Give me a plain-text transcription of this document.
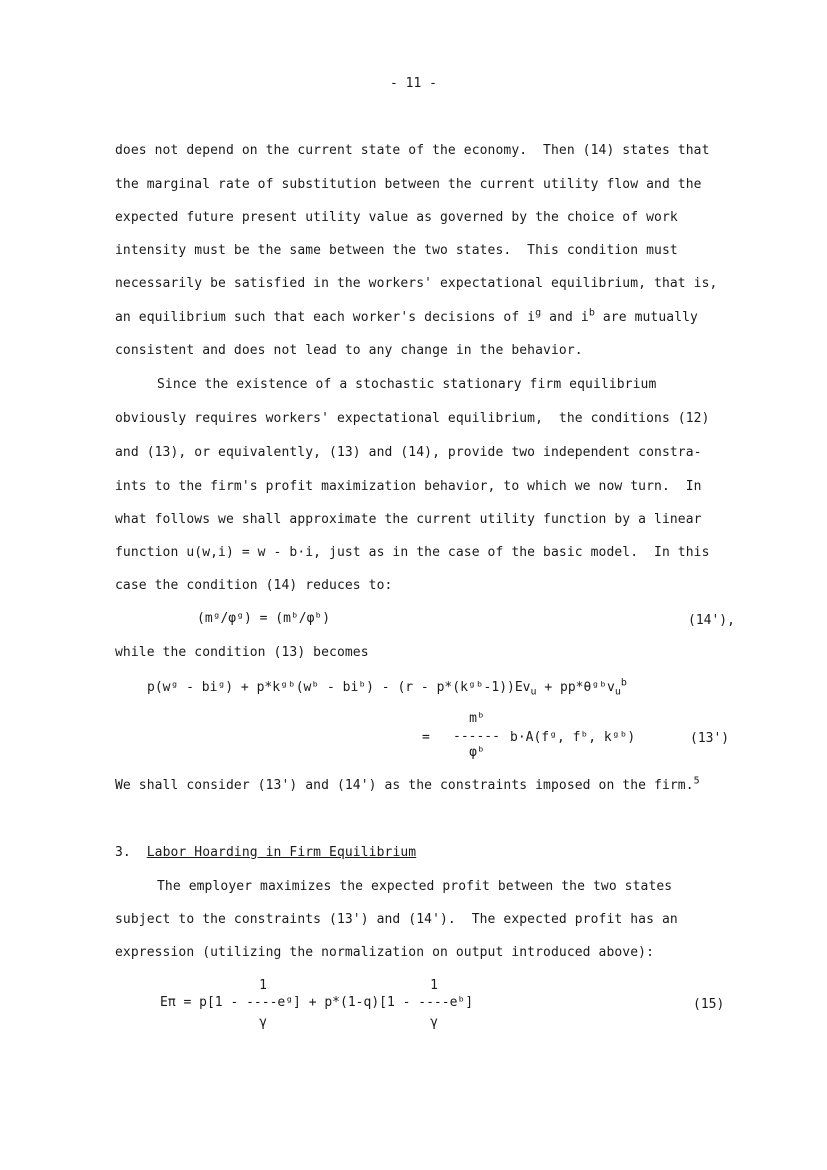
- 11 -
does not depend on the current state of the economy.  Then (14) states that
the marginal rate of substitution between the current utility flow and the
expected future present utility value as governed by the choice of work
intensity must be the same between the two states.  This condition must
necessarily be satisfied in the workers' expectational equilibrium, that is,
an equilibrium such that each worker's decisions of $i^g$ and $i^b$ are mutually
consistent and does not lead to any change in the behavior.
Since the existence of a stochastic stationary firm equilibrium
obviously requires workers' expectational equilibrium,  the conditions (12)
and (13), or equivalently, (13) and (14), provide two independent constra-
ints to the firm's profit maximization behavior, to which we now turn.  In
what follows we shall approximate the current utility function by a linear
function u(w,i) = w - b·i, just as in the case of the basic model.  In this
case the condition (14) reduces to:
(mᵍ/φᵍ) = (mᵇ/φᵇ)	(14'),
while the condition (13) becomes
p(wᵍ - biᵍ) + p*kᵍᵇ(wᵇ - biᵇ) - $(r - p*(kᵍᵇ-1))Ev_u$ + pp*θᵍᵇv$_u^b$
mᵇ
= ------ b·A(fᵍ, fᵇ, kᵍᵇ)
φᵇ
(13')
We shall consider (13') and (14') as the constraints imposed on the firm.$^5$
3. Labor Hoarding in Firm Equilibrium
The employer maximizes the expected profit between the two states
subject to the constraints (13') and (14').  The expected profit has an
expression (utilizing the normalization on output introduced above):
1	1
Eπ = p[1 - ----eᵍ] + p*(1-q)[1 - ----eᵇ]
γ	γ
(15)
